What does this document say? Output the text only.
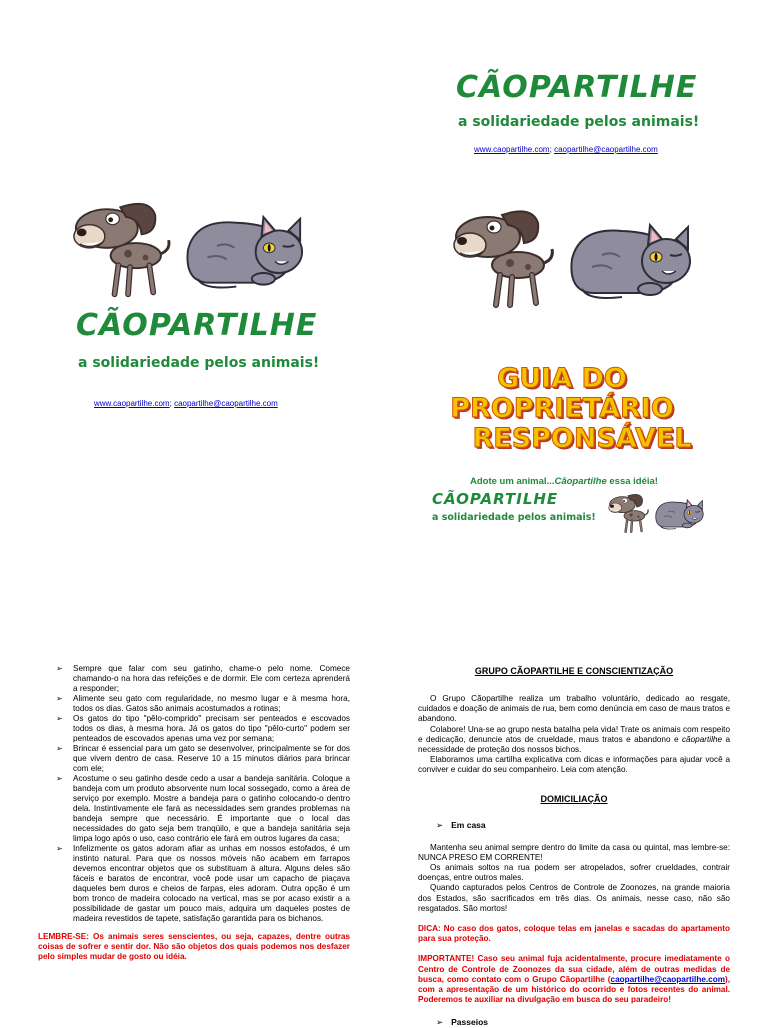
CÃOPARTILHE
a solidariedade pelos animais!
www.caopartilhe.com; caopartilhe@caopartilhe.com
CÃOPARTILHE
a solidariedade pelos animais!
www.caopartilhe.com; caopartilhe@caopartilhe.com
GUIA DO PROPRIETÁRIO
RESPONSÁVEL
Adote um animal...Cãopartilhe essa idéia!
CÃOPARTILHE
a solidariedade pelos animais!
➢ Sempre que falar com seu gatinho, chame-o pelo nome. Comece chamando-o na hora das refeições e de dormir. Ele com certeza aprenderá a responder;
➢ Alimente seu gato com regularidade, no mesmo lugar e à mesma hora, todos os dias. Gatos são animais acostumados a rotinas;
➢ Os gatos do tipo "pêlo-comprido" precisam ser penteados e escovados todos os dias, à mesma hora. Já os gatos do tipo "pêlo-curto" podem ser penteados de escovados apenas uma vez por semana;
➢ Brincar é essencial para um gato se desenvolver, principalmente se for dos que vivem dentro de casa. Reserve 10 a 15 minutos diários para brincar com ele;
➢ Acostume o seu gatinho desde cedo a usar a bandeja sanitária. Coloque a bandeja com um produto absorvente num local sossegado, como a área de serviço por exemplo. Mostre a bandeja para o gatinho colocando-o dentro dela. Instintivamente ele fará as necessidades sem grandes problemas na bandeja sempre que necessário. É importante que o local das necessidades do gato seja bem tranqüilo, e que a bandeja sanitária seja limpa logo após o uso, caso contrário ele fará em outros lugares da casa;
➢ Infelizmente os gatos adoram afiar as unhas em nossos estofados, é um instinto natural. Para que os nossos móveis não acabem em farrapos devemos encontrar objetos que os substituam à altura. Alguns deles são fáceis e baratos de encontrar, você pode usar um capacho de piaçava daqueles bem duros e cheios de farpas, eles adoram. Outra opção é um bom tronco de madeira colocado na vertical, mas se por acaso existir a a possibilidade de gastar um pouco mais, adquira um daqueles postes de madeira revestidos de tapete, satisfação garantida para os bichanos.
LEMBRE-SE: Os animais seres senscientes, ou seja, capazes, dentre outras coisas de sofrer e sentir dor. Não são objetos dos quais podemos nos desfazer pelo simples mudar de gosto ou idéia.
GRUPO CÃOPARTILHE E CONSCIENTIZAÇÃO

O Grupo Cãopartilhe realiza um trabalho voluntário, dedicado ao resgate, cuidados e doação de animais de rua, bem como denúncia em caso de maus tratos e abandono.

Colabore! Una-se ao grupo nesta batalha pela vida! Trate os animais com respeito e dedicação, denuncie atos de crueldade, maus tratos e abandono e cãopartilhe a necessidade de proteção dos nossos bichos.

Elaboramos uma cartilha explicativa com dicas e informações para ajudar você a conviver e cuidar do seu companheiro. Leia com atenção.

DOMICILIAÇÃO
➢ Em casa

Mantenha seu animal sempre dentro do limite da casa ou quintal, mas lembre-se: NUNCA PRESO EM CORRENTE!

Os animais soltos na rua podem ser atropelados, sofrer crueldades, contrair doenças, entre outros males.

Quando capturados pelos Centros de Controle de Zoonozes, na grande maioria dos Estados, são sacrificados em três dias. Os animais, nesse caso, não são resgatados. São mortos!

DICA: No caso dos gatos, coloque telas em janelas e sacadas do apartamento para sua proteção.

IMPORTANTE! Caso seu animal fuja acidentalmente, procure imediatamente o Centro de Controle de Zoonozes da sua cidade, além de outras medidas de busca, como contato com o Grupo Cãopartilhe (caopartilhe@caopartilhe.com), com a apresentação de um histórico do ocorrido e fotos recentes do animal. Poderemos te auxiliar na divulgação em busca do seu paradeiro!

➢ Passeios
